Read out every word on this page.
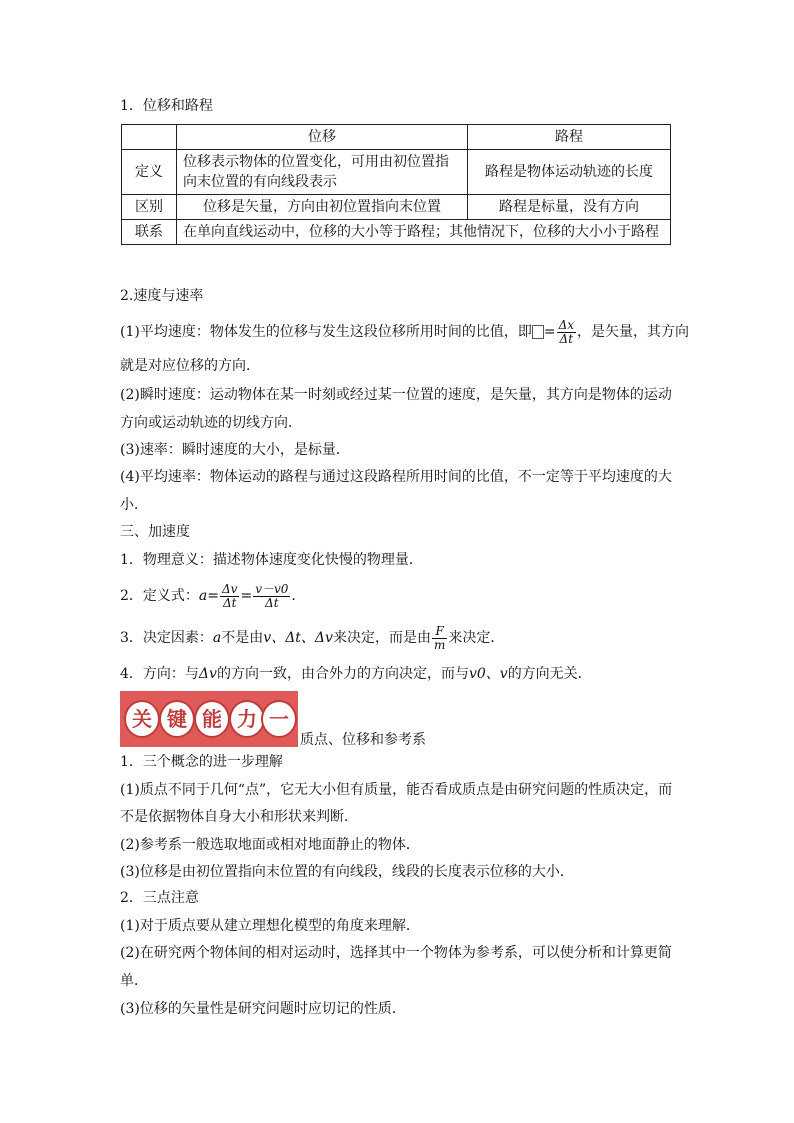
1．位移和路程
	位移	路程
定义	位移表示物体的位置变化，可用由初位置指
向末位置的有向线段表示	路程是物体运动轨迹的长度
区别	位移是矢量，方向由初位置指向末位置	路程是标量，没有方向
联系	在单向直线运动中，位移的大小等于路程；其他情况下，位移的大小小于路程	
2.速度与速率
(1)平均速度：物体发生的位移与发生这段位移所用时间的比值，即 = $\frac{\Delta x}{\Delta t}$ ，是矢量，其方向
就是对应位移的方向．
(2)瞬时速度：运动物体在某一时刻或经过某一位置的速度，是矢量，其方向是物体的运动
方向或运动轨迹的切线方向．
(3)速率：瞬时速度的大小，是标量．
(4)平均速率：物体运动的路程与通过这段路程所用时间的比值，不一定等于平均速度的大
小．
三、加速度
1．物理意义：描述物体速度变化快慢的物理量．
2．定义式：$a= \frac{\Delta v}{\Delta t} = \frac{v-v0}{\Delta t}$ .
3．决定因素：a不是由v、Δt、Δv来决定，而是由 $\frac{F}{m}$ 来决定．
4．方向：与Δv的方向一致，由合外力的方向决定，而与v0、v的方向无关．
关 键 能 力 一
质点、位移和参考系
1．三个概念的进一步理解
(1)质点不同于几何“点”，它无大小但有质量，能否看成质点是由研究问题的性质决定，而
不是依据物体自身大小和形状来判断．
(2)参考系一般选取地面或相对地面静止的物体．
(3)位移是由初位置指向末位置的有向线段，线段的长度表示位移的大小．
2．三点注意
(1)对于质点要从建立理想化模型的角度来理解．
(2)在研究两个物体间的相对运动时，选择其中一个物体为参考系，可以使分析和计算更简
单．
(3)位移的矢量性是研究问题时应切记的性质．
